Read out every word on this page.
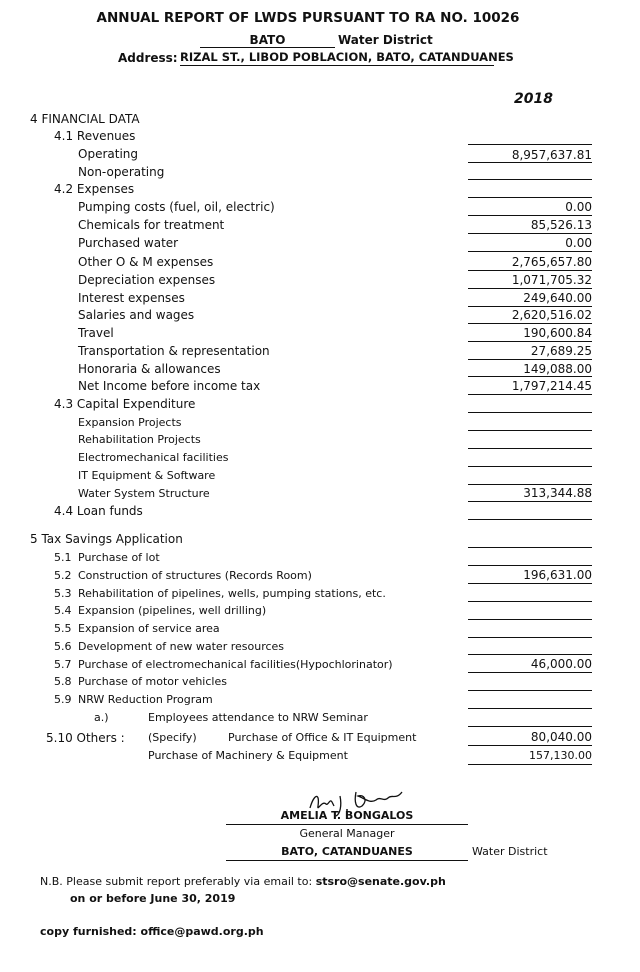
ANNUAL REPORT OF LWDS PURSUANT TO RA NO. 10026
BATO	Water District
Address: RIZAL ST., LIBOD POBLACION, BATO, CATANDUANES
2018
4 FINANCIAL DATA
4.1 Revenues
Operating	8,957,637.81
Non-operating
4.2 Expenses
Pumping costs (fuel, oil, electric)	0.00
Chemicals for treatment	85,526.13
Purchased water	0.00
Other O & M expenses	2,765,657.80
Depreciation expenses	1,071,705.32
Interest expenses	249,640.00
Salaries and wages	2,620,516.02
Travel	190,600.84
Transportation & representation	27,689.25
Honoraria & allowances	149,088.00
Net Income before income tax	1,797,214.45
4.3 Capital Expenditure
Expansion Projects
Rehabilitation Projects
Electromechanical facilities
IT Equipment & Software
Water System Structure	313,344.88
4.4 Loan funds
5 Tax Savings Application
5.1 Purchase of lot
5.2 Construction of structures (Records Room)	196,631.00
5.3 Rehabilitation of pipelines, wells, pumping stations, etc.
5.4 Expansion (pipelines, well drilling)
5.5 Expansion of service area
5.6 Development of new water resources
5.7 Purchase of electromechanical facilities(Hypochlorinator)	46,000.00
5.8 Purchase of motor vehicles
5.9 NRW Reduction Program
a.)	Employees attendance to NRW Seminar
5.10 Others : (Specify)	Purchase of Office & IT Equipment	80,040.00
Purchase of Machinery & Equipment	157,130.00
AMELIA T. BONGALOS
General Manager
BATO, CATANDUANES	Water District
N.B. Please submit report preferably via email to: stsro@senate.gov.ph
on or before June 30, 2019
copy furnished: office@pawd.org.ph
